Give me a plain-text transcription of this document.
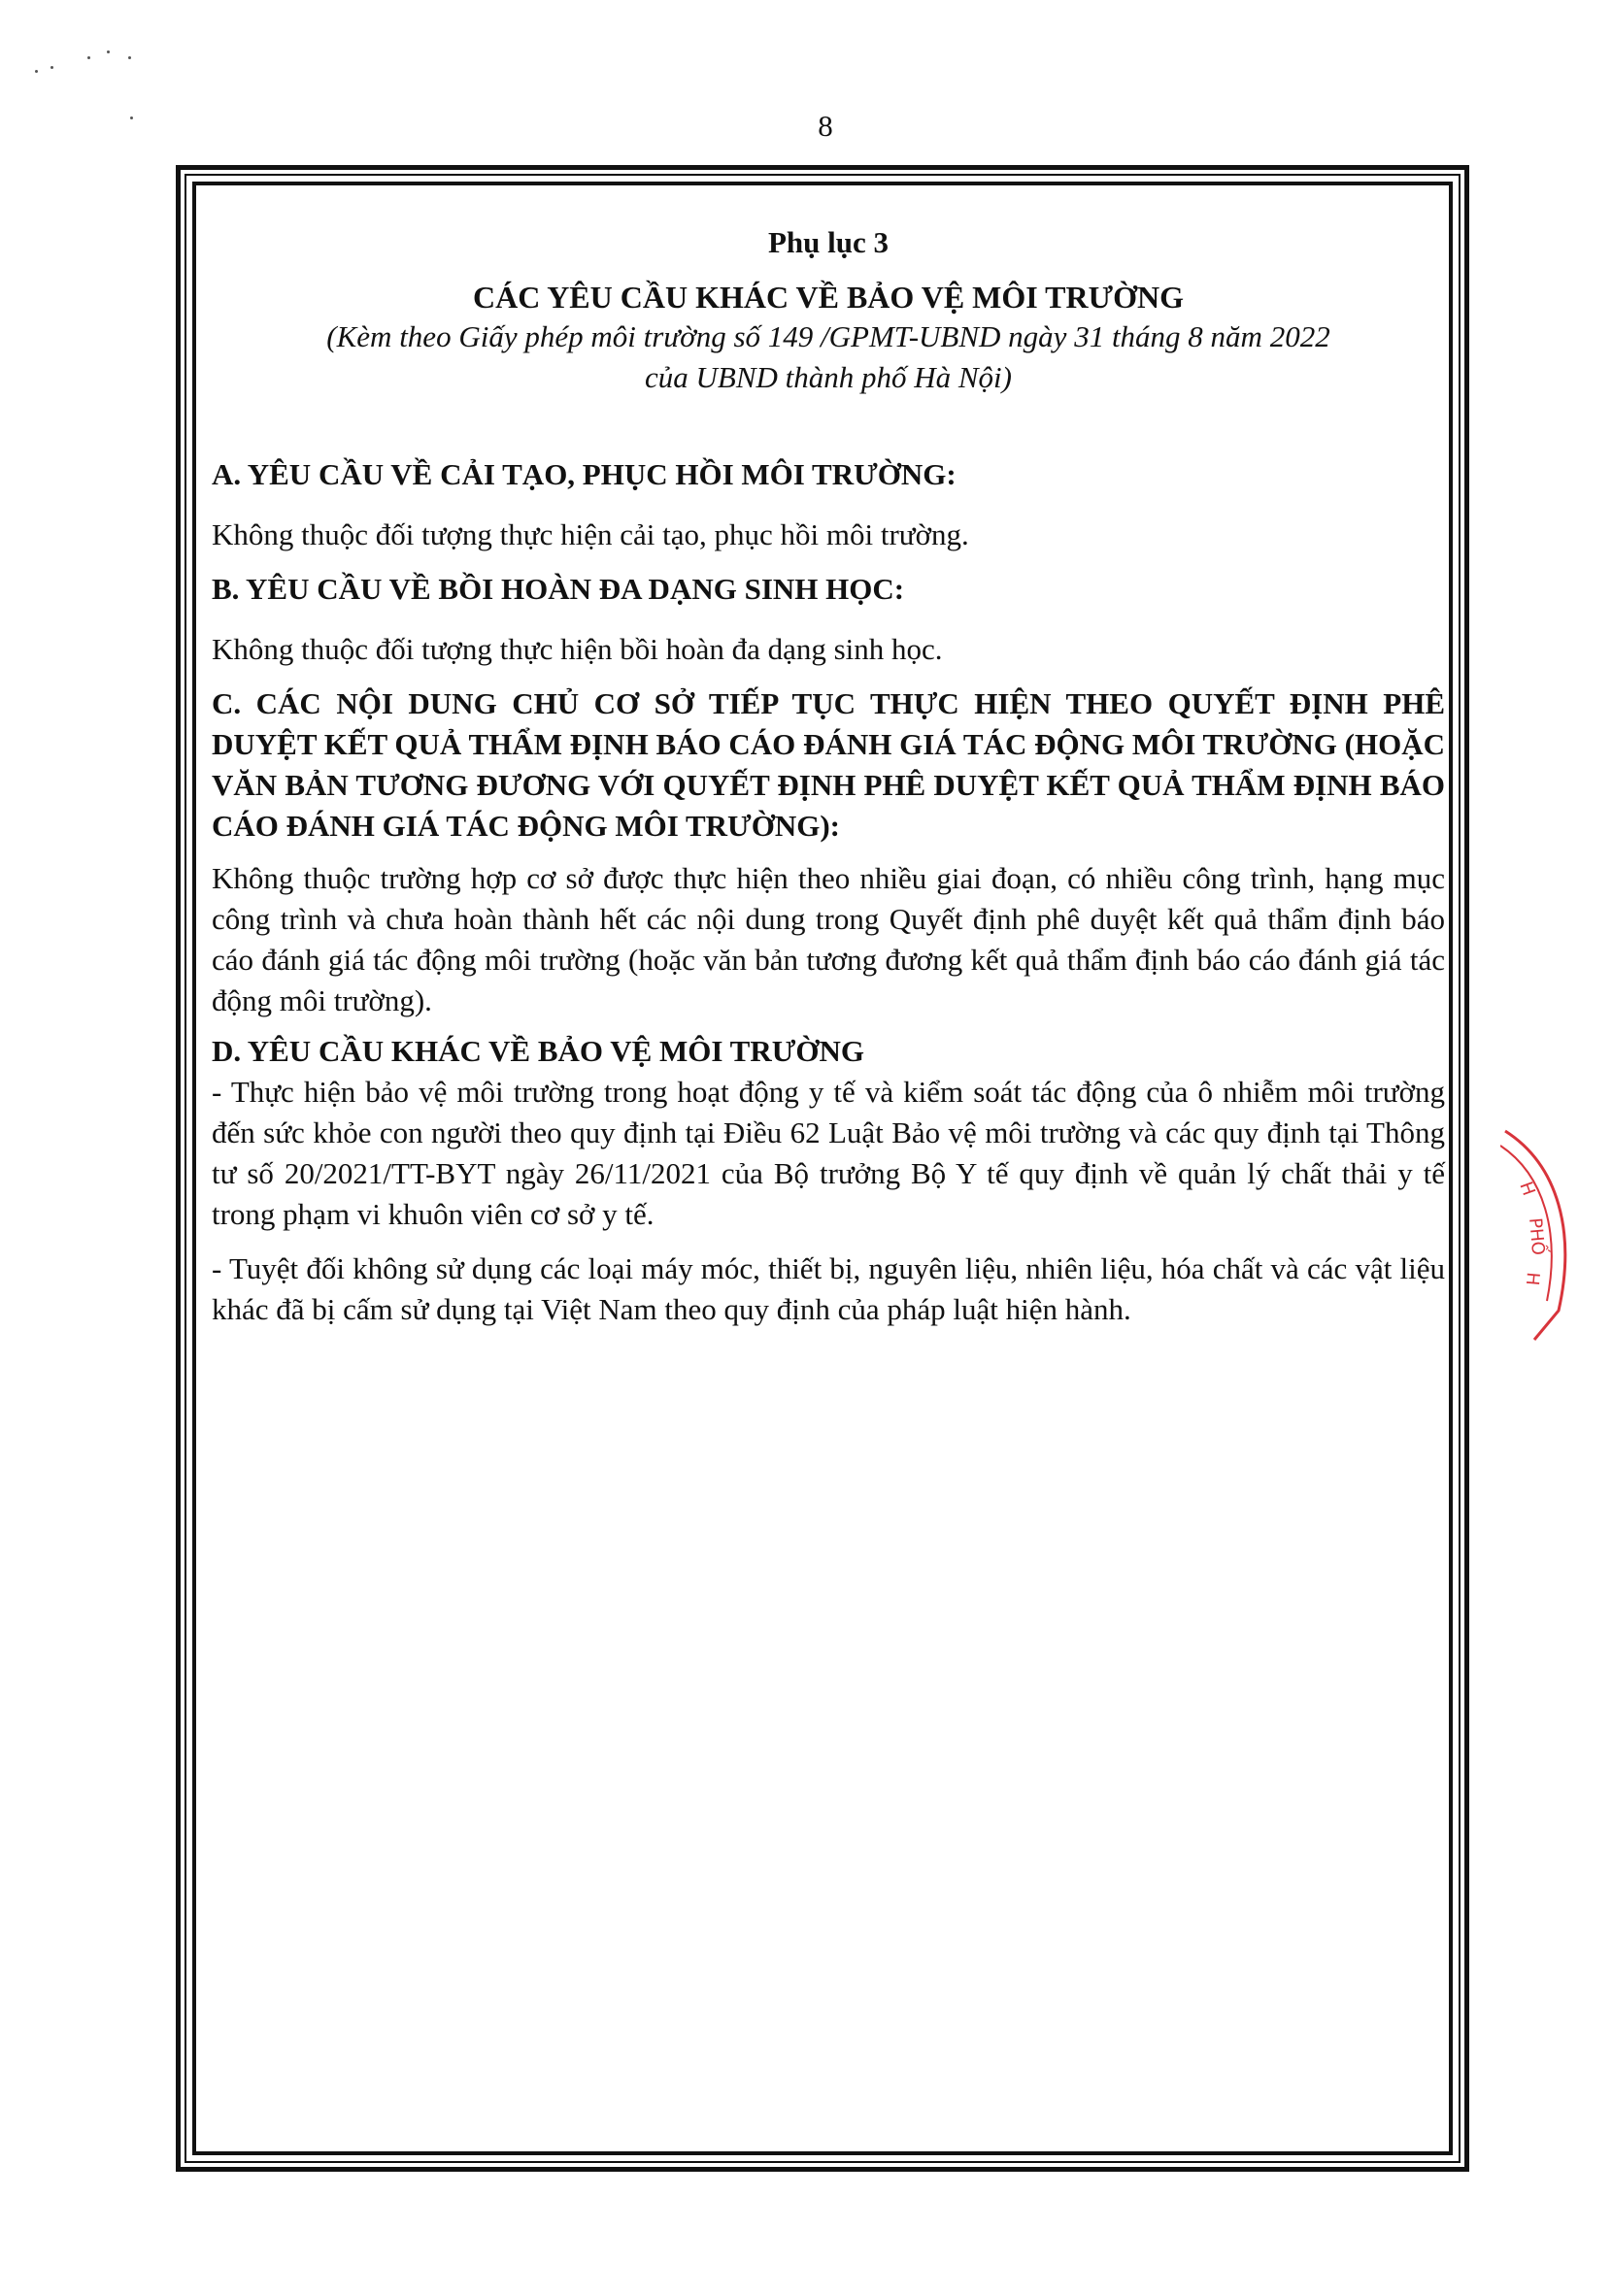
8

Phụ lục 3

CÁC YÊU CẦU KHÁC VỀ BẢO VỆ MÔI TRƯỜNG

(Kèm theo Giấy phép môi trường số 149 /GPMT-UBND ngày 31 tháng 8 năm 2022

của UBND thành phố Hà Nội)

A. YÊU CẦU VỀ CẢI TẠO, PHỤC HỒI MÔI TRƯỜNG:

Không thuộc đối tượng thực hiện cải tạo, phục hồi môi trường.

B. YÊU CẦU VỀ BỒI HOÀN ĐA DẠNG SINH HỌC:

Không thuộc đối tượng thực hiện bồi hoàn đa dạng sinh học.

C. CÁC NỘI DUNG CHỦ CƠ SỞ TIẾP TỤC THỰC HIỆN THEO QUYẾT ĐỊNH PHÊ DUYỆT KẾT QUẢ THẨM ĐỊNH BÁO CÁO ĐÁNH GIÁ TÁC ĐỘNG MÔI TRƯỜNG (HOẶC VĂN BẢN TƯƠNG ĐƯƠNG VỚI QUYẾT ĐỊNH PHÊ DUYỆT KẾT QUẢ THẨM ĐỊNH BÁO CÁO ĐÁNH GIÁ TÁC ĐỘNG MÔI TRƯỜNG):

Không thuộc trường hợp cơ sở được thực hiện theo nhiều giai đoạn, có nhiều công trình, hạng mục công trình và chưa hoàn thành hết các nội dung trong Quyết định phê duyệt kết quả thẩm định báo cáo đánh giá tác động môi trường (hoặc văn bản tương đương kết quả thẩm định báo cáo đánh giá tác động môi trường).

D. YÊU CẦU KHÁC VỀ BẢO VỆ MÔI TRƯỜNG

- Thực hiện bảo vệ môi trường trong hoạt động y tế và kiểm soát tác động của ô nhiễm môi trường đến sức khỏe con người theo quy định tại Điều 62 Luật Bảo vệ môi trường và các quy định tại Thông tư số 20/2021/TT-BYT ngày 26/11/2021 của Bộ trưởng Bộ Y tế quy định về quản lý chất thải y tế trong phạm vi khuôn viên cơ sở y tế.

- Tuyệt đối không sử dụng các loại máy móc, thiết bị, nguyên liệu, nhiên liệu, hóa chất và các vật liệu khác đã bị cấm sử dụng tại Việt Nam theo quy định của pháp luật hiện hành.

H
PHỐ
H
